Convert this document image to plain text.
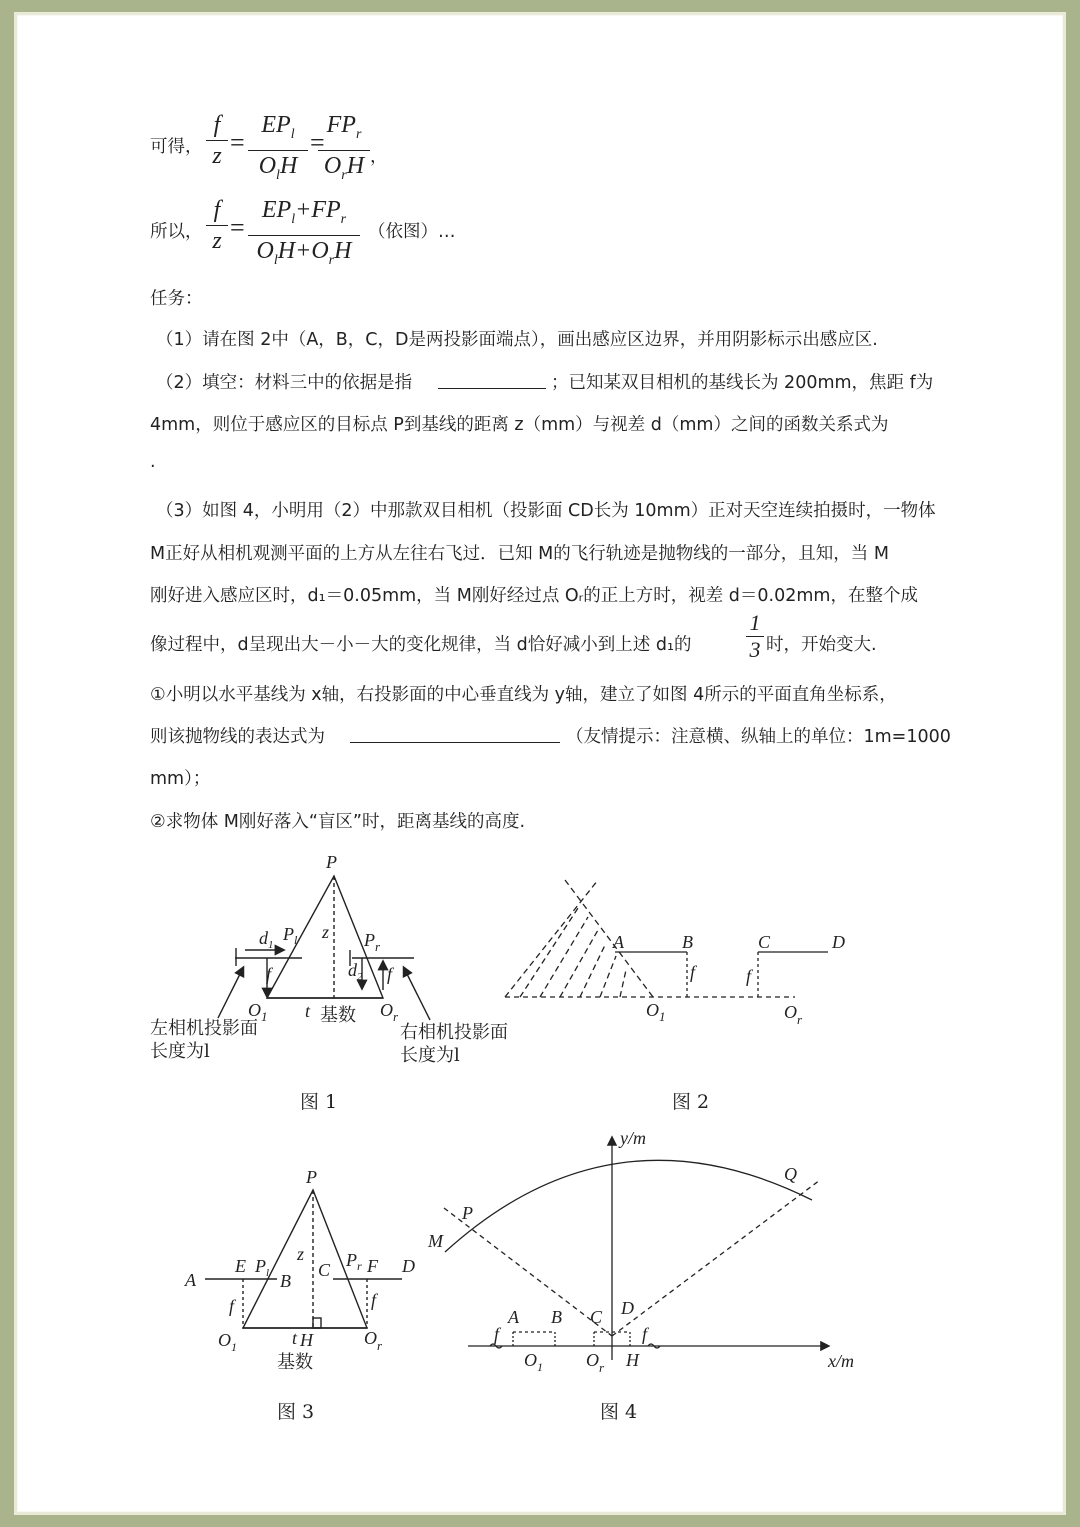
可得， $\frac{f}{z}$ =
$EP_l$
$O_lH$
=
$FP_r$
$O_rH$ ，
所以， $\frac{f}{z}$ =
$EP_l+FP_r$
$O_lH+O_rH$
（依图）…
任务：
（1）请在图 2中（A，B，C，D是两投影面端点），画出感应区边界，并用阴影标示出感应区.
（2）填空：材料三中的依据是指	；已知某双目相机的基线长为 200mm，焦距 f为
4mm，则位于感应区的目标点 P到基线的距离 z（mm）与视差 d（mm）之间的函数关系式为
.
（3）如图 4，小明用（2）中那款双目相机（投影面 CD长为 10mm）正对天空连续拍摄时，一物体
M正好从相机观测平面的上方从左往右飞过．已知 M的飞行轨迹是抛物线的一部分，且知，当 M
刚好进入感应区时，d₁＝0.05mm，当 M刚好经过点 Oᵣ的正上方时，视差 d＝0.02mm，在整个成
像过程中，d呈现出大－小－大的变化规律，当 d恰好减小到上述 d₁的 $\frac{1}{3}$ 时，开始变大.
①小明以水平基线为 x轴，右投影面的中心垂直线为 y轴，建立了如图 4所示的平面直角坐标系，
则该抛物线的表达式为	（友情提示：注意横、纵轴上的单位：1m=1000
mm）；
②求物体 M刚好落入“盲区”时，距离基线的高度.
P
z
$d_1$
$P_l$	$P_r$
$d_2$
f	f
$O_1$	$O_r$
t 基数
左相机投影面
长度为l
右相机投影面
长度为l
图 1
A	B	C	D
f	f
$O_1$	$O_r$
图 2
P
A
E $P_l$ B
z
C $P_r$ F D
f	f
$O_1$	$O_r$
t H
基数
图 3
y/m
x/m
M
P
Q
A B C D
f	f
$O_1$ $O_r$ H
图 4
